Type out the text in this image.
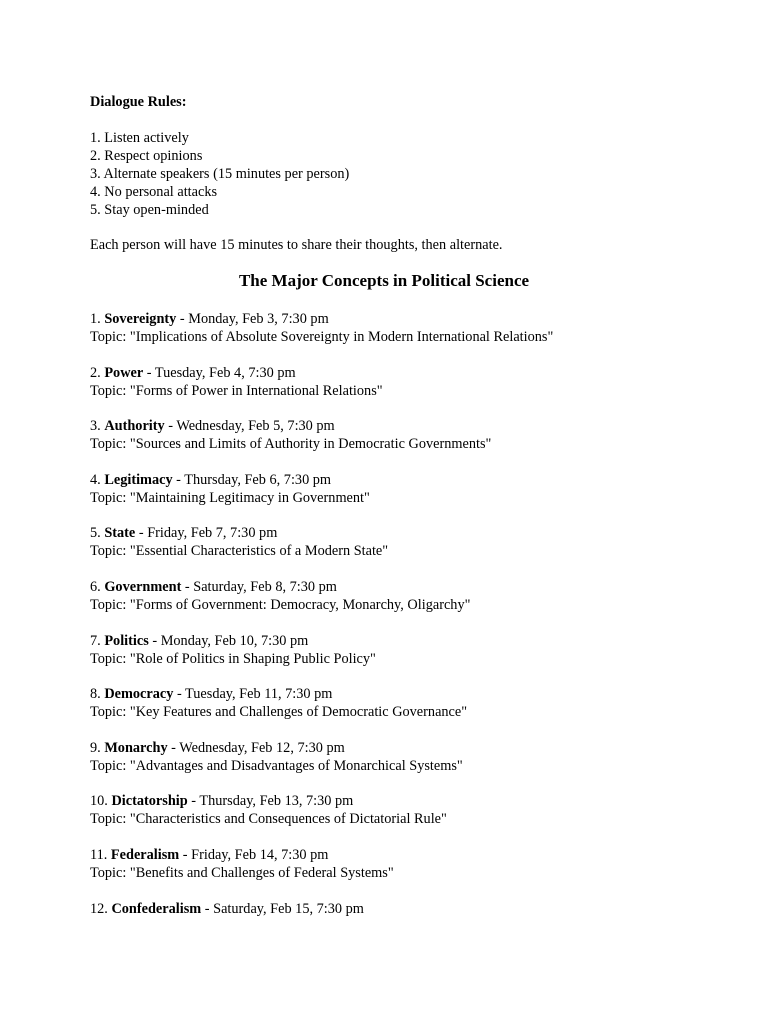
Dialogue Rules:
1. Listen actively
2. Respect opinions
3. Alternate speakers (15 minutes per person)
4. No personal attacks
5. Stay open-minded

Each person will have 15 minutes to share their thoughts, then alternate.

The Major Concepts in Political Science
1. Sovereignty - Monday, Feb 3, 7:30 pm
Topic: "Implications of Absolute Sovereignty in Modern International Relations"
2. Power - Tuesday, Feb 4, 7:30 pm
Topic: "Forms of Power in International Relations"
3. Authority - Wednesday, Feb 5, 7:30 pm
Topic: "Sources and Limits of Authority in Democratic Governments"
4. Legitimacy - Thursday, Feb 6, 7:30 pm
Topic: "Maintaining Legitimacy in Government"
5. State - Friday, Feb 7, 7:30 pm
Topic: "Essential Characteristics of a Modern State"
6. Government - Saturday, Feb 8, 7:30 pm
Topic: "Forms of Government: Democracy, Monarchy, Oligarchy"
7. Politics - Monday, Feb 10, 7:30 pm
Topic: "Role of Politics in Shaping Public Policy"
8. Democracy - Tuesday, Feb 11, 7:30 pm
Topic: "Key Features and Challenges of Democratic Governance"
9. Monarchy - Wednesday, Feb 12, 7:30 pm
Topic: "Advantages and Disadvantages of Monarchical Systems"
10. Dictatorship - Thursday, Feb 13, 7:30 pm
Topic: "Characteristics and Consequences of Dictatorial Rule"
11. Federalism - Friday, Feb 14, 7:30 pm
Topic: "Benefits and Challenges of Federal Systems"
12. Confederalism - Saturday, Feb 15, 7:30 pm
